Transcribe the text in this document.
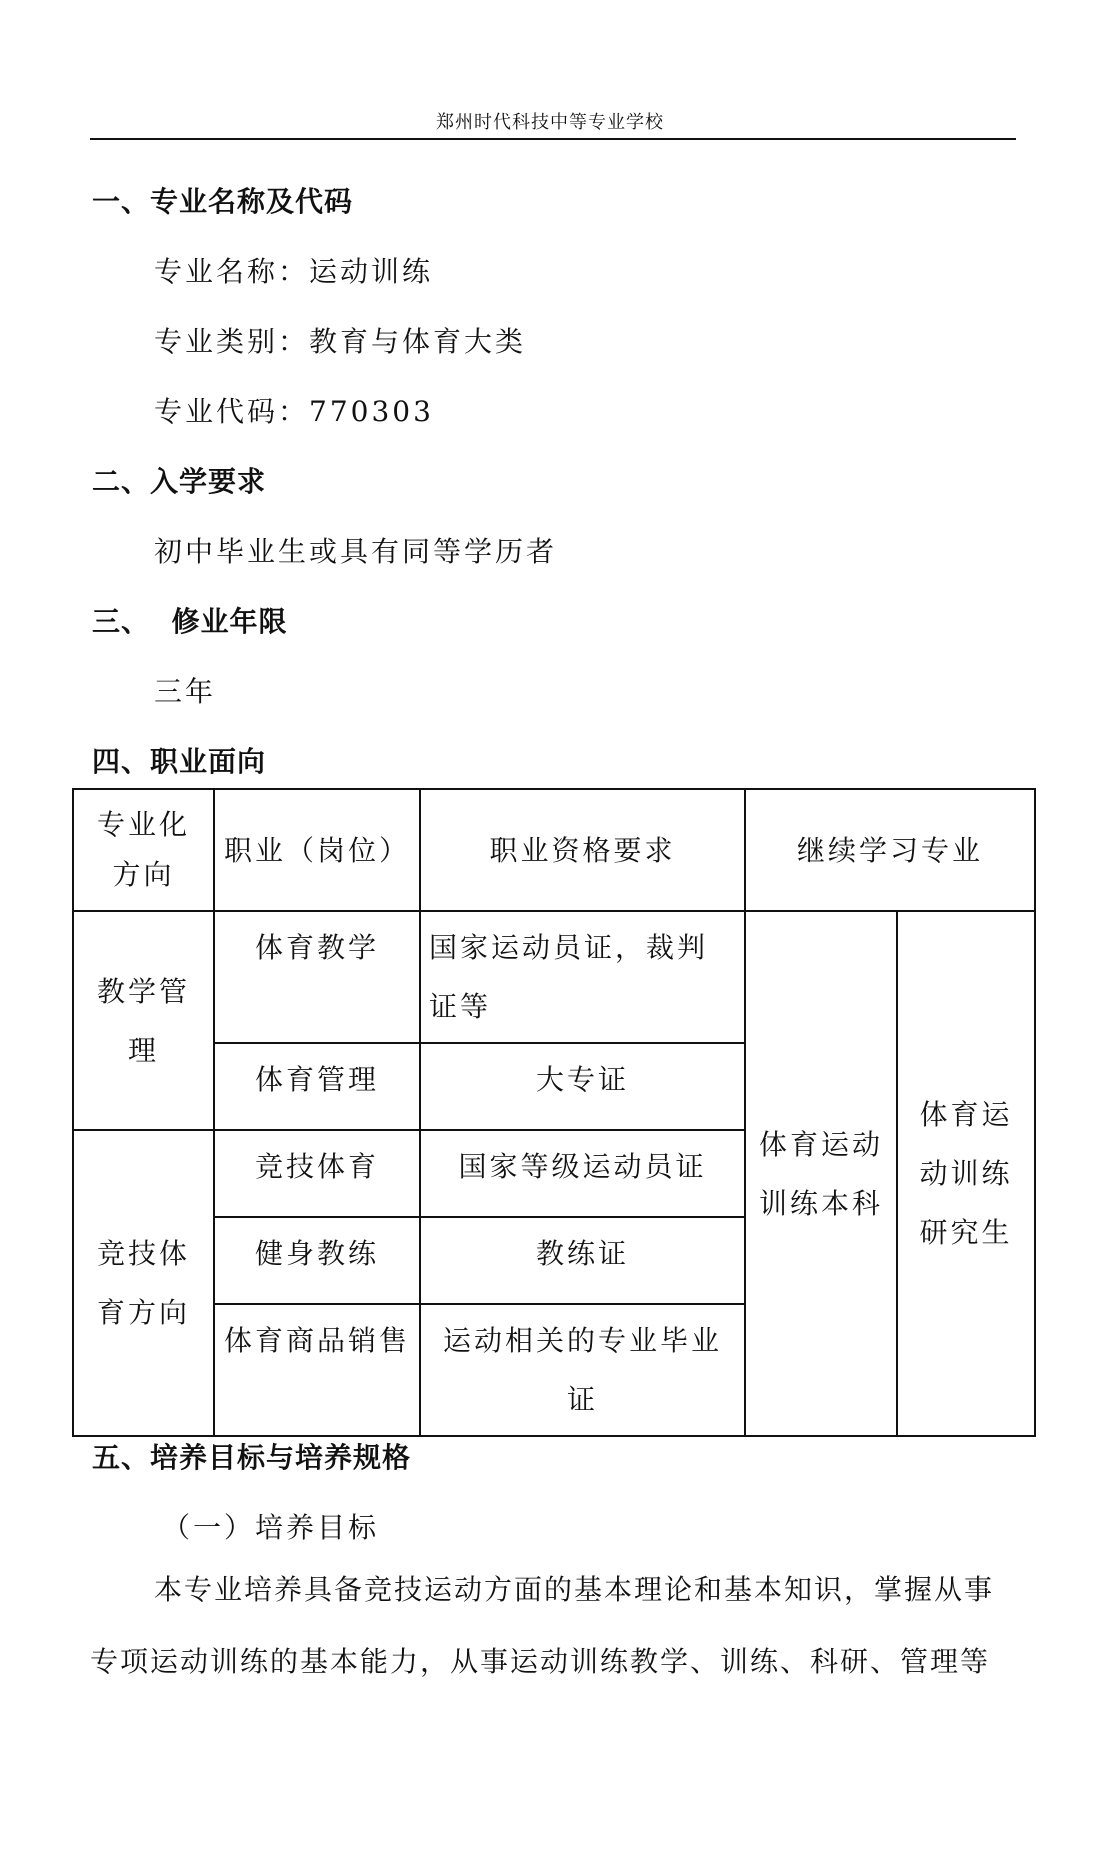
郑州时代科技中等专业学校
一、专业名称及代码
专业名称：运动训练
专业类别：教育与体育大类
专业代码：770303
二、入学要求
初中毕业生或具有同等学历者
三、  修业年限
三年
四、职业面向
专业化方向	职业（岗位）	职业资格要求	继续学习专业	
教学管理	体育教学	国家运动员证，裁判证等	体育运动训练本科	体育运动训练研究生
	体育管理	大专证		
竞技体育方向	竞技体育	国家等级运动员证		
	健身教练	教练证		
	体育商品销售	运动相关的专业毕业证		
五、培养目标与培养规格
（一）培养目标
本专业培养具备竞技运动方面的基本理论和基本知识，掌握从事专项运动训练的基本能力，从事运动训练教学、训练、科研、管理等
